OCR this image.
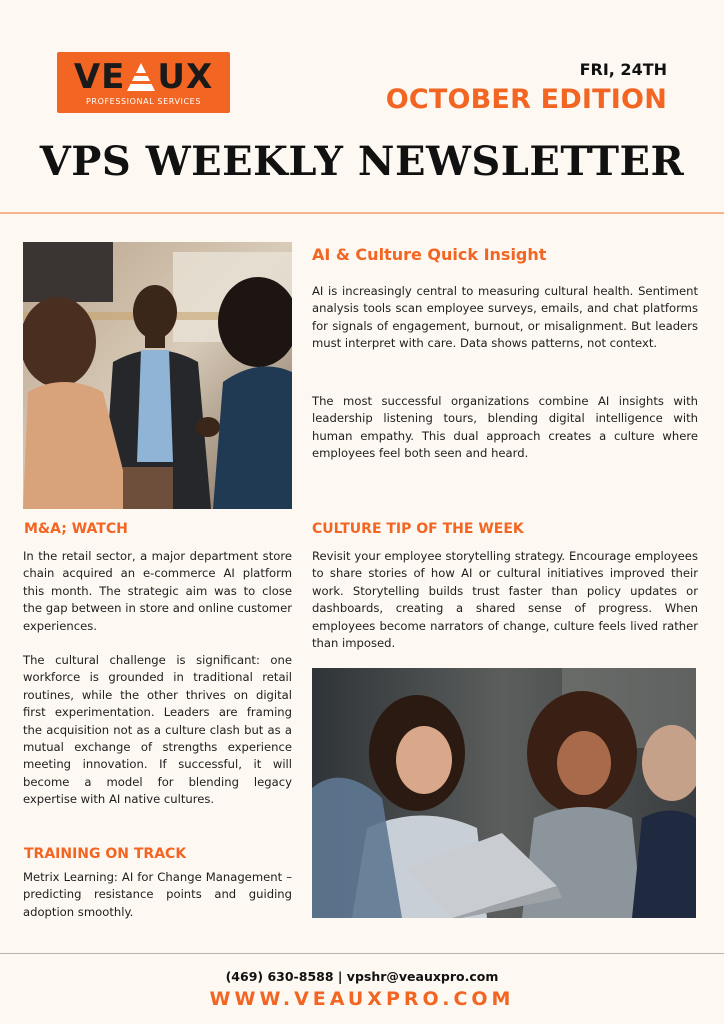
VE UX
PROFESSIONAL SERVICES
FRI, 24TH
OCTOBER EDITION
VPS WEEKLY NEWSLETTER
AI & Culture Quick Insight
AI is increasingly central to measuring cultural health. Sentiment analysis tools scan employee surveys, emails, and chat platforms for signals of engagement, burnout, or misalignment. But leaders must interpret with care. Data shows patterns, not context.
The most successful organizations combine AI insights with leadership listening tours, blending digital intelligence with human empathy. This dual approach creates a culture where employees feel both seen and heard.
M&A; WATCH
In the retail sector, a major department store chain acquired an e-commerce AI platform this month. The strategic aim was to close the gap between in store and online customer experiences.
The cultural challenge is significant: one workforce is grounded in traditional retail routines, while the other thrives on digital first experimentation. Leaders are framing the acquisition not as a culture clash but as a mutual exchange of strengths experience meeting innovation. If successful, it will become a model for blending legacy expertise with AI native cultures.
CULTURE TIP OF THE WEEK
Revisit your employee storytelling strategy. Encourage employees to share stories of how AI or cultural initiatives improved their work. Storytelling builds trust faster than policy updates or dashboards, creating a shared sense of progress. When employees become narrators of change, culture feels lived rather than imposed.
TRAINING ON TRACK
Metrix Learning: AI for Change Management – predicting resistance points and guiding adoption smoothly.
(469) 630-8588 | vpshr@veauxpro.com
WWW.VEAUXPRO.COM
